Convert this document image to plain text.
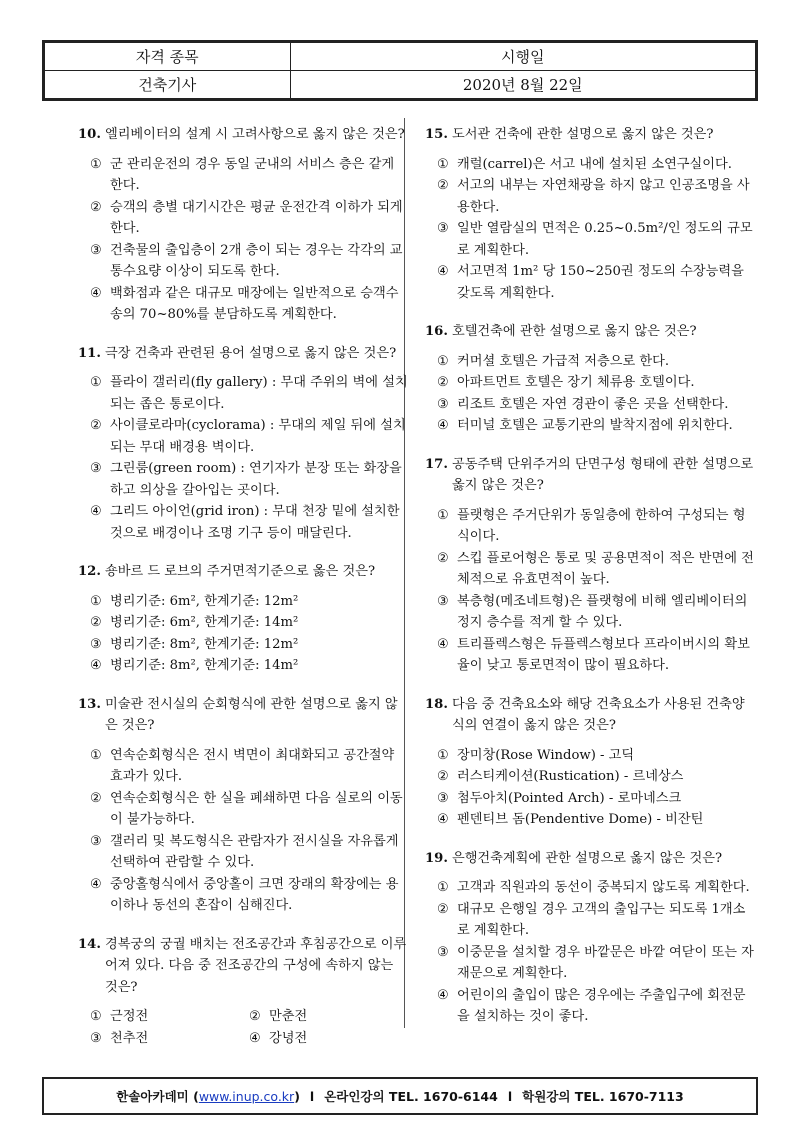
자격 종목	시행일
건축기사	2020년 8월 22일
10. 엘리베이터의 설계 시 고려사항으로 옳지 않은 것은?
① 군 관리운전의 경우 동일 군내의 서비스 층은 같게 한다.
② 승객의 층별 대기시간은 평균 운전간격 이하가 되게 한다.
③ 건축물의 출입층이 2개 층이 되는 경우는 각각의 교통수요량 이상이 되도록 한다.
④ 백화점과 같은 대규모 매장에는 일반적으로 승객수송의 70~80%를 분담하도록 계획한다.
11. 극장 건축과 관련된 용어 설명으로 옳지 않은 것은?
① 플라이 갤러리(fly gallery) : 무대 주위의 벽에 설치되는 좁은 통로이다.
② 사이클로라마(cyclorama) : 무대의 제일 뒤에 설치되는 무대 배경용 벽이다.
③ 그린룸(green room) : 연기자가 분장 또는 화장을 하고 의상을 갈아입는 곳이다.
④ 그리드 아이언(grid iron) : 무대 천장 밑에 설치한 것으로 배경이나 조명 기구 등이 매달린다.
12. 숑바르 드 로브의 주거면적기준으로 옳은 것은?
① 병리기준: 6m², 한계기준: 12m²
② 병리기준: 6m², 한계기준: 14m²
③ 병리기준: 8m², 한계기준: 12m²
④ 병리기준: 8m², 한계기준: 14m²
13. 미술관 전시실의 순회형식에 관한 설명으로 옳지 않은 것은?
① 연속순회형식은 전시 벽면이 최대화되고 공간절약 효과가 있다.
② 연속순회형식은 한 실을 폐쇄하면 다음 실로의 이동이 불가능하다.
③ 갤러리 및 복도형식은 관람자가 전시실을 자유롭게 선택하여 관람할 수 있다.
④ 중앙홀형식에서 중앙홀이 크면 장래의 확장에는 용이하나 동선의 혼잡이 심해진다.
14. 경복궁의 궁궐 배치는 전조공간과 후침공간으로 이루어져 있다. 다음 중 전조공간의 구성에 속하지 않는 것은?
① 근정전	② 만춘전
③ 천추전	④ 강녕전
15. 도서관 건축에 관한 설명으로 옳지 않은 것은?
① 캐럴(carrel)은 서고 내에 설치된 소연구실이다.
② 서고의 내부는 자연채광을 하지 않고 인공조명을 사용한다.
③ 일반 열람실의 면적은 0.25~0.5m²/인 정도의 규모로 계획한다.
④ 서고면적 1m² 당 150~250권 정도의 수장능력을 갖도록 계획한다.
16. 호텔건축에 관한 설명으로 옳지 않은 것은?
① 커머셜 호텔은 가급적 저층으로 한다.
② 아파트먼트 호텔은 장기 체류용 호텔이다.
③ 리조트 호텔은 자연 경관이 좋은 곳을 선택한다.
④ 터미널 호텔은 교통기관의 발착지점에 위치한다.
17. 공동주택 단위주거의 단면구성 형태에 관한 설명으로 옳지 않은 것은?
① 플랫형은 주거단위가 동일층에 한하여 구성되는 형식이다.
② 스킵 플로어형은 통로 및 공용면적이 적은 반면에 전체적으로 유효면적이 높다.
③ 복층형(메조네트형)은 플랫형에 비해 엘리베이터의 정지 층수를 적게 할 수 있다.
④ 트리플렉스형은 듀플렉스형보다 프라이버시의 확보율이 낮고 통로면적이 많이 필요하다.
18. 다음 중 건축요소와 해당 건축요소가 사용된 건축양식의 연결이 옳지 않은 것은?
① 장미창(Rose Window) - 고딕
② 러스티케이션(Rustication) - 르네상스
③ 첨두아치(Pointed Arch) - 로마네스크
④ 펜덴티브 돔(Pendentive Dome) - 비잔틴
19. 은행건축계획에 관한 설명으로 옳지 않은 것은?
① 고객과 직원과의 동선이 중복되지 않도록 계획한다.
② 대규모 은행일 경우 고객의 출입구는 되도록 1개소로 계획한다.
③ 이중문을 설치할 경우 바깥문은 바깥 여닫이 또는 자재문으로 계획한다.
④ 어린이의 출입이 많은 경우에는 주출입구에 회전문을 설치하는 것이 좋다.
한솔아카데미 ( www.inup.co.kr ) l 온라인강의 TEL. 1670-6144 l 학원강의 TEL. 1670-7113
